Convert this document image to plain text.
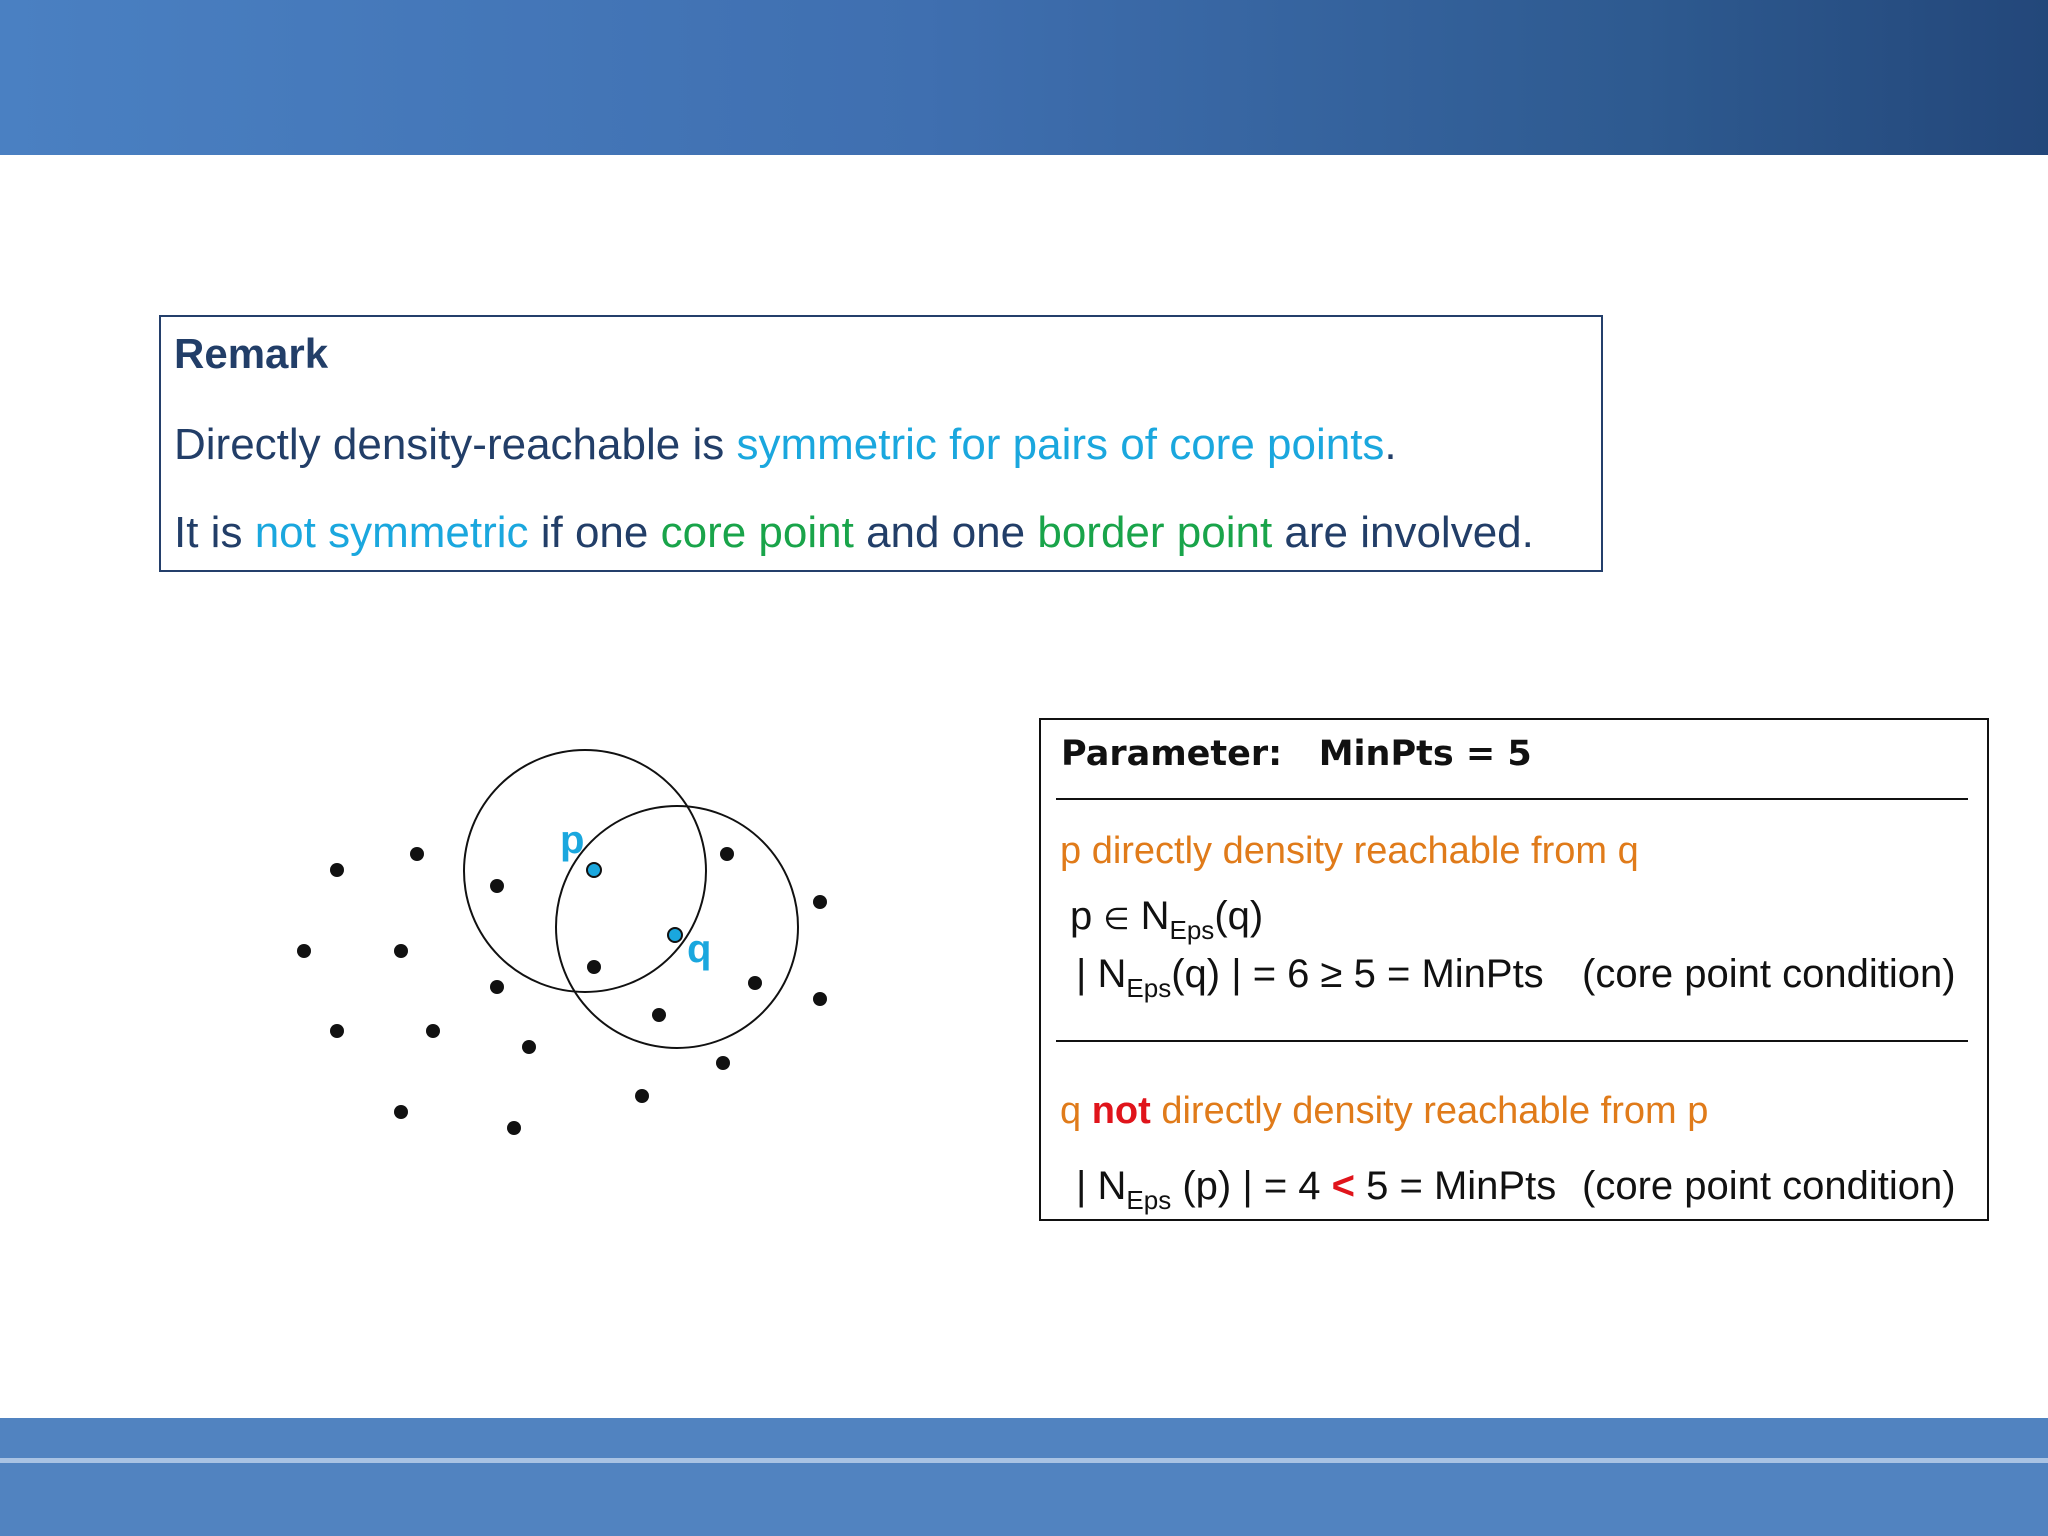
Remark
Directly density-reachable is symmetric for pairs of core points.
It is not symmetric if one core point and one border point are involved.
p
q
Parameter:   MinPts = 5
p directly density reachable from q
p ∈ $N_{Eps}(q)$
| $N_{Eps}(q)$ | = 6 ≥ 5 = MinPts (core point condition)
q not directly density reachable from p
| $N_{Eps}$ (p) | = 4 < 5 = MinPts (core point condition)
